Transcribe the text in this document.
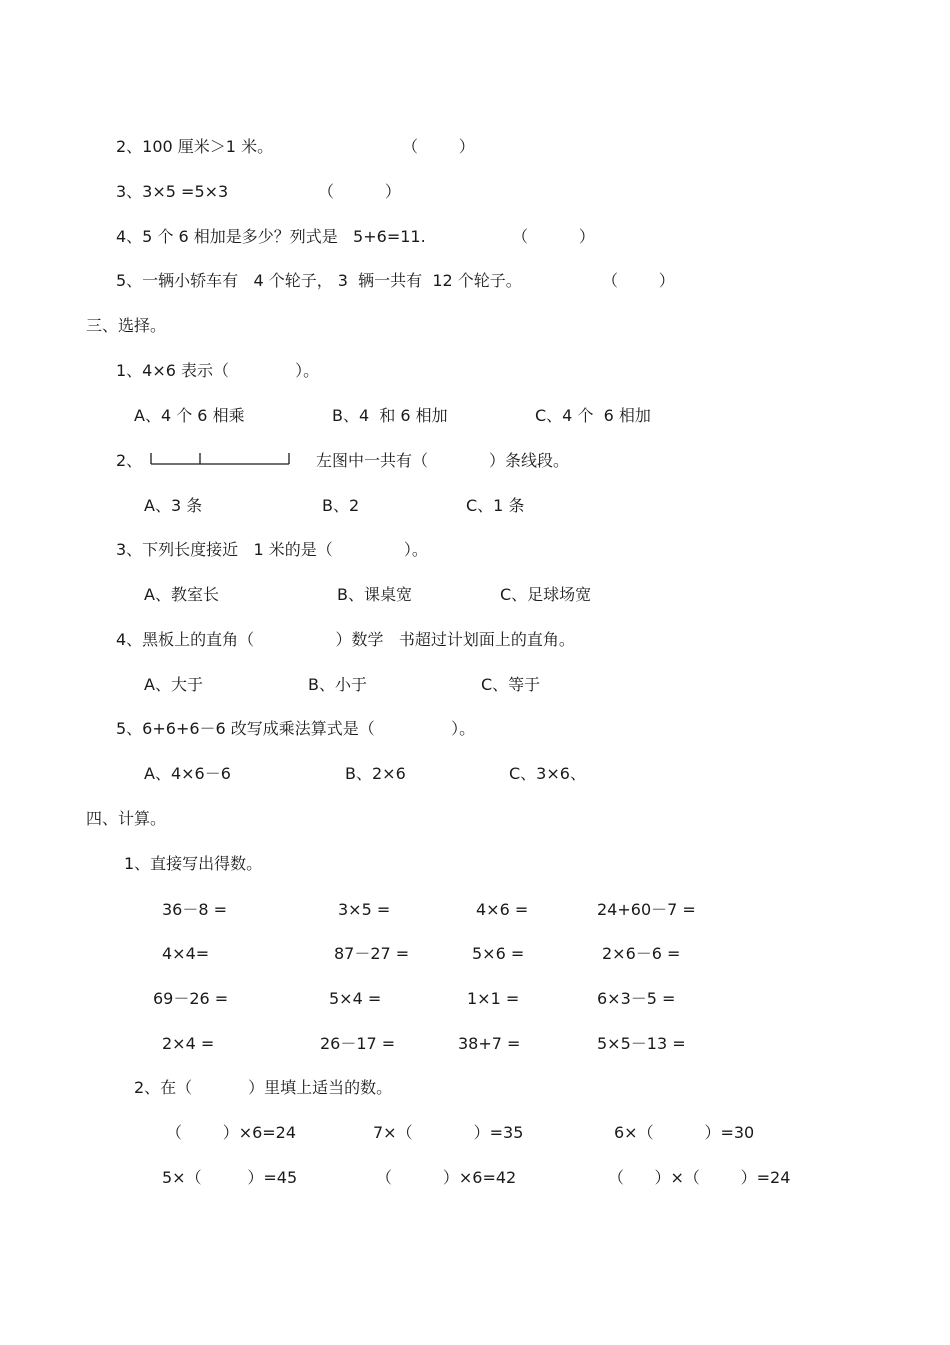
2、100 厘米＞1 米。	（        ）
3、3×5 =5×3	（          ）
4、5 个 6 相加是多少？列式是   5+6=11.	（          ）
5、一辆小轿车有   4 个轮子， 3  辆一共有  12 个轮子。	（        ）
三、选择。
1、4×6 表示（             ）。
A、4 个 6 相乘	B、4  和 6 相加	C、4 个  6 相加
2、	左图中一共有（            ）条线段。
A、3 条	B、2	C、1 条
3、下列长度接近   1 米的是（              ）。
A、教室长	B、课桌宽	C、足球场宽
4、黑板上的直角（                ）数学   书超过计划面上的直角。
A、大于	B、小于	C、等于
5、6+6+6－6 改写成乘法算式是（               ）。
A、4×6－6	B、2×6	C、3×6、
四、计算。
1、直接写出得数。
36－8 =	3×5 =	4×6 =	24+60－7 =
4×4=	87－27 =	5×6 =	2×6－6 =
69－26 =	5×4 =	1×1 =	6×3－5 =
2×4 =	26－17 =	38+7 =	5×5－13 =
2、在（           ）里填上适当的数。
（        ）×6=24	7×（            ）=35	6×（          ）=30
5×（         ）=45	（          ）×6=42	（      ）×（        ）=24
